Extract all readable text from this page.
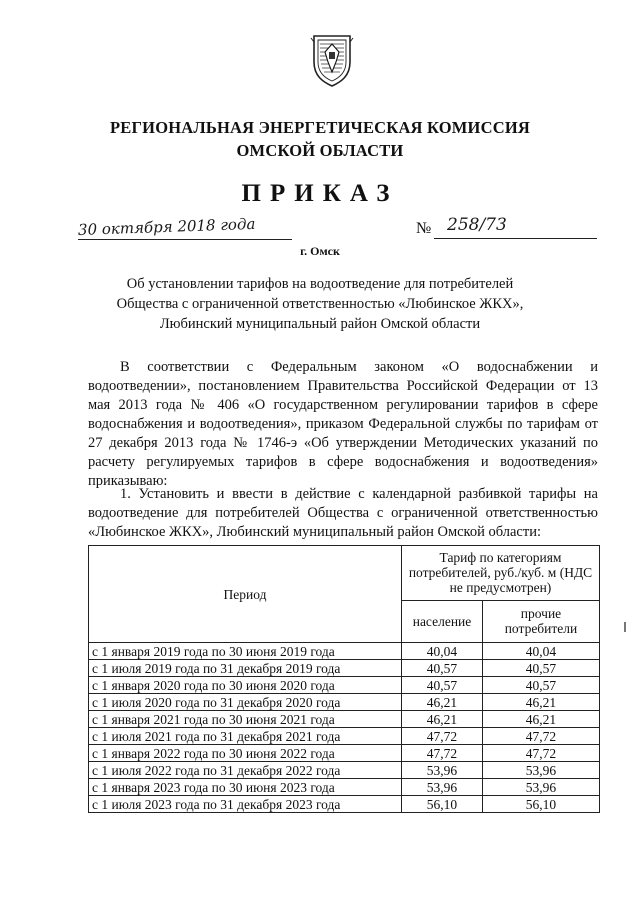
РЕГИОНАЛЬНАЯ ЭНЕРГЕТИЧЕСКАЯ КОМИССИЯ
ОМСКОЙ ОБЛАСТИ
ПРИКАЗ
30 октября 2018 года	№ 258/73
г. Омск
Об установлении тарифов на водоотведение для потребителей
Общества с ограниченной ответственностью «Любинское ЖКХ»,
Любинский муниципальный район Омской области
В соответствии с Федеральным законом «О водоснабжении и водоотведении», постановлением Правительства Российской Федерации от 13 мая 2013 года № 406 «О государственном регулировании тарифов в сфере водоснабжения и водоотведения», приказом Федеральной службы по тарифам от 27 декабря 2013 года № 1746-э «Об утверждении Методических указаний по расчету регулируемых тарифов в сфере водоснабжения и водоотведения» приказываю:
1. Установить и ввести в действие с календарной разбивкой тарифы на водоотведение для потребителей Общества с ограниченной ответственностью «Любинское ЖКХ», Любинский муниципальный район Омской области:
Период	Тариф по категориям потребителей, руб./куб. м (НДС не предусмотрен)	
	население	прочие потребители
с 1 января 2019 года по 30 июня 2019 года	40,04	40,04
с 1 июля 2019 года по 31 декабря 2019 года	40,57	40,57
с 1 января 2020 года по 30 июня 2020 года	40,57	40,57
с 1 июля 2020 года по 31 декабря 2020 года	46,21	46,21
с 1 января 2021 года по 30 июня 2021 года	46,21	46,21
с 1 июля 2021 года по 31 декабря 2021 года	47,72	47,72
с 1 января 2022 года по 30 июня 2022 года	47,72	47,72
с 1 июля 2022 года по 31 декабря 2022 года	53,96	53,96
с 1 января 2023 года по 30 июня 2023 года	53,96	53,96
с 1 июля 2023 года по 31 декабря 2023 года	56,10	56,10
